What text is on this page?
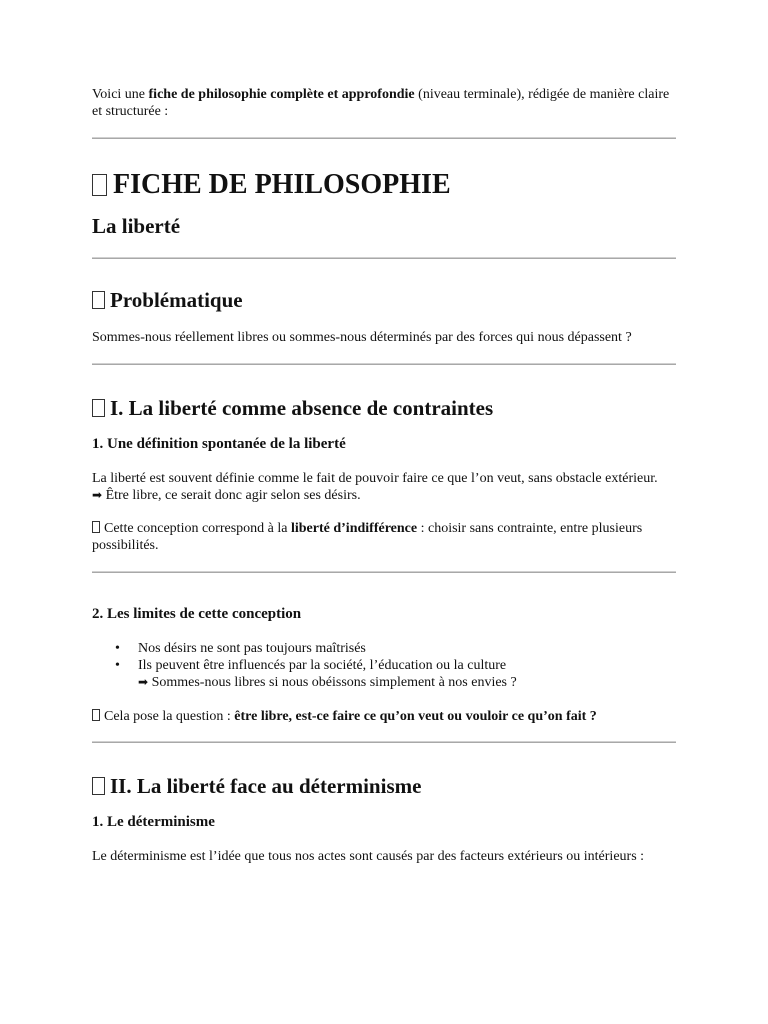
Voici une fiche de philosophie complète et approfondie (niveau terminale), rédigée de manière claire et structurée :

FICHE DE PHILOSOPHIE
La liberté
Problématique

Sommes-nous réellement libres ou sommes-nous déterminés par des forces qui nous dépassent ?

I. La liberté comme absence de contraintes
1. Une définition spontanée de la liberté

La liberté est souvent définie comme le fait de pouvoir faire ce que l’on veut, sans obstacle extérieur.

➡ Être libre, ce serait donc agir selon ses désirs.

Cette conception correspond à la liberté d’indifférence : choisir sans contrainte, entre plusieurs possibilités.

2. Les limites de cette conception
• Nos désirs ne sont pas toujours maîtrisés
• Ils peuvent être influencés par la société, l’éducation ou la culture
➡ Sommes-nous libres si nous obéissons simplement à nos envies ?

Cela pose la question : être libre, est-ce faire ce qu’on veut ou vouloir ce qu’on fait ?

II. La liberté face au déterminisme
1. Le déterminisme

Le déterminisme est l’idée que tous nos actes sont causés par des facteurs extérieurs ou intérieurs :
